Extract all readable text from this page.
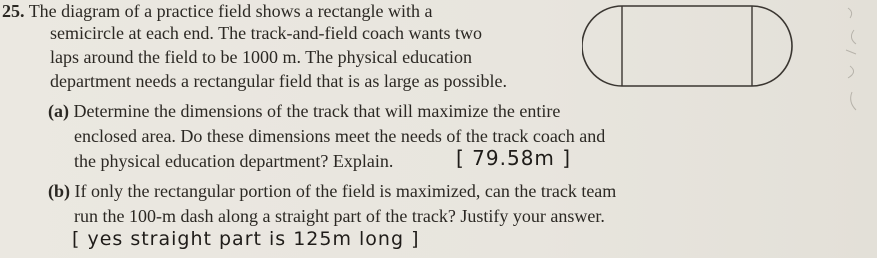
25. The diagram of a practice field shows a rectangle with a
semicircle at each end. The track-and-field coach wants two
laps around the field to be 1000 m. The physical education
department needs a rectangular field that is as large as possible.
(a) Determine the dimensions of the track that will maximize the entire
enclosed area. Do these dimensions meet the needs of the track coach and
the physical education department? Explain.	[ 79.58m ]
(b) If only the rectangular portion of the field is maximized, can the track team
run the 100-m dash along a straight part of the track? Justify your answer.
[ yes straight part is 125m long ]
